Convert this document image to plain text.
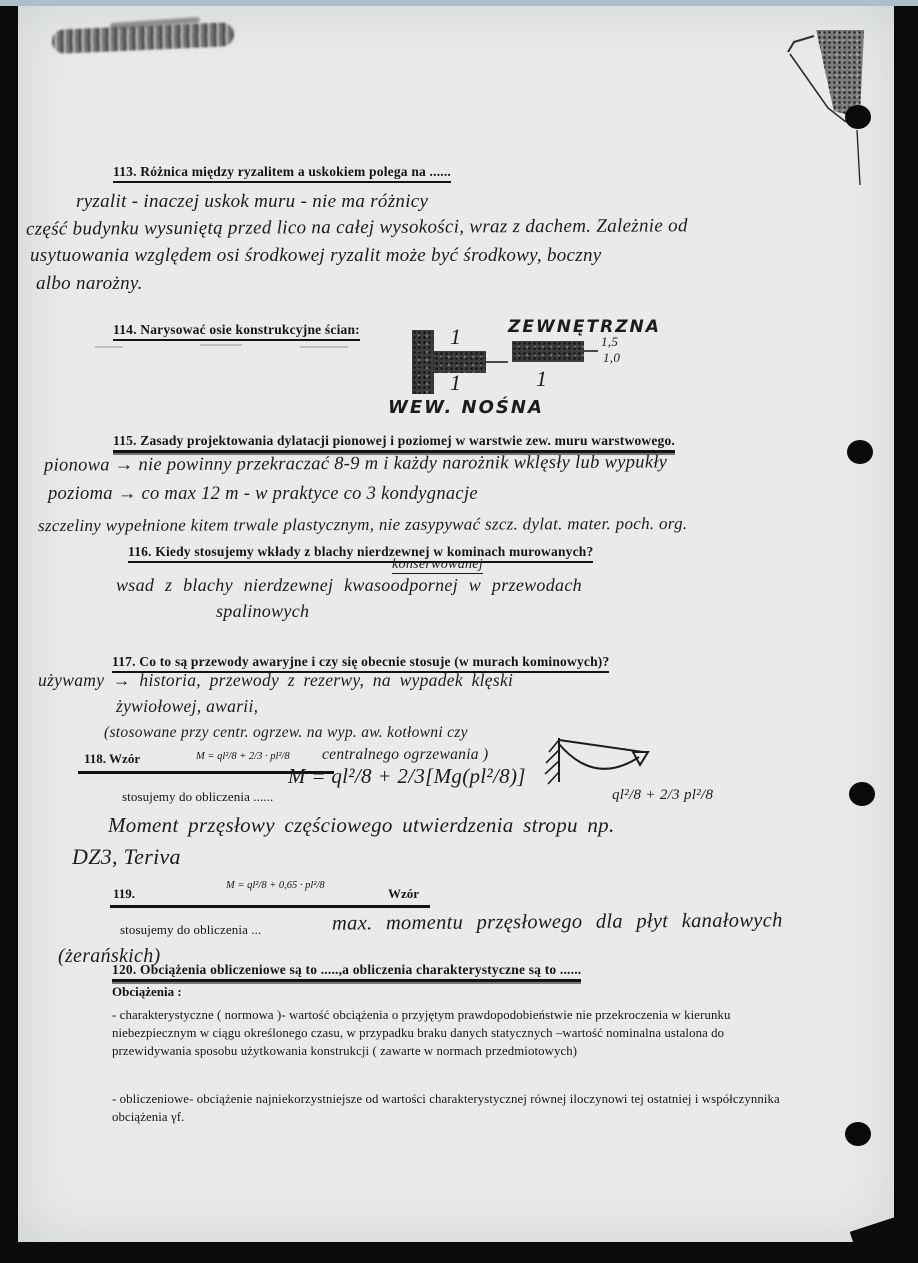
113. Różnica między ryzalitem a uskokiem polega na ......
ryzalit - inaczej uskok muru - nie ma różnicy
część budynku wysuniętą przed lico na całej wysokości, wraz z dachem. Zależnie od
usytuowania względem osi środkowej ryzalit może być środkowy, boczny
albo narożny.
114. Narysować osie konstrukcyjne ścian:	1
1
WEW. NOŚNA
ZEWNĘTRZNA
1,5
1,0
1
115. Zasady projektowania dylatacji pionowej i poziomej w warstwie zew. muru warstwowego.
pionowa → nie powinny przekraczać 8-9 m i każdy narożnik wklęsły lub wypukły
pozioma → co max 12 m - w praktyce co 3 kondygnacje
szczeliny wypełnione kitem trwale plastycznym, nie zasypywać szcz. dylat. mater. poch. org.
116. Kiedy stosujemy wkłady z blachy nierdzewnej w kominach murowanych?
konserwowanej
wsad z blachy nierdzewnej kwasoodpornej w przewodach
spalinowych
117. Co to są przewody awaryjne i czy się obecnie stosuje (w murach kominowych)?
używamy → historia, przewody z rezerwy, na wypadek klęski
żywiołowej, awarii,
(stosowane przy centr. ogrzew. na wyp. aw. kotłowni czy
centralnego ogrzewania )
118. Wzór	M = ql²/8 + 2/3 · pl²/8
stosujemy do obliczenia ......
M = ql²/8 + 2/3[Mg(pl²/8)]
ql²/8 + 2/3 pl²/8
Moment przęsłowy częściowego utwierdzenia stropu np.
DZ3, Teriva
119.
M = ql²/8 + 0,65 · pl²/8
Wzór
stosujemy do obliczenia ...	max. momentu przęsłowego dla płyt kanałowych
(żerańskich)
120. Obciążenia obliczeniowe są to .....,a obliczenia charakterystyczne są to ......
Obciążenia :
- charakterystyczne ( normowa )- wartość obciążenia o przyjętym prawdopodobieństwie nie przekroczenia w kierunku
niebezpiecznym w ciągu określonego czasu, w przypadku braku danych statycznych –wartość nominalna ustalona do
przewidywania sposobu użytkowania konstrukcji ( zawarte w normach przedmiotowych)
- obliczeniowe- obciążenie najniekorzystniejsze od wartości charakterystycznej równej iloczynowi tej ostatniej i współczynnika
obciążenia γf.
